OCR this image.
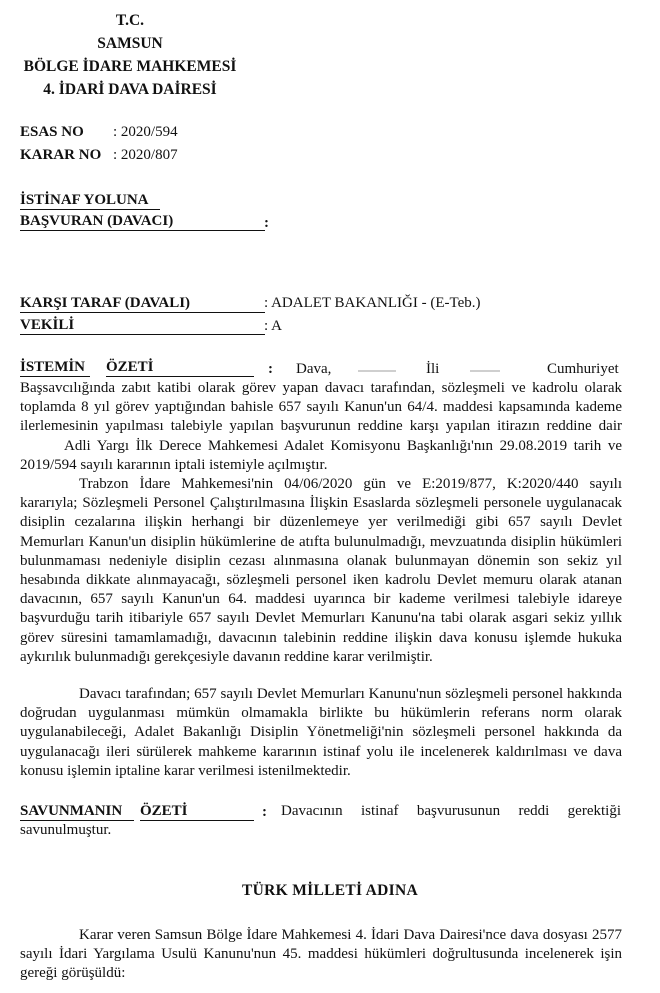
T.C.
SAMSUN
BÖLGE İDARE MAHKEMESİ
4. İDARİ DAVA DAİRESİ
ESAS NO : 2020/594
KARAR NO : 2020/807
İSTİNAF YOLUNA
BAŞVURAN (DAVACI)	:
KARŞI TARAF (DAVALI)	: ADALET BAKANLIĞI - (E-Teb.)
VEKİLİ	: A
İSTEMİN	ÖZETİ	: Dava,	İli	Cumhuriyet
Başsavcılığında zabıt katibi olarak görev yapan davacı tarafından, sözleşmeli ve kadrolu olarak toplamda 8 yıl görev yaptığından bahisle 657 sayılı Kanun'un 64/4. maddesi kapsamında kademe ilerlemesinin yapılması talebiyle yapılan başvurunun reddine karşı yapılan itirazın reddine dairAdli Yargı İlk Derece Mahkemesi Adalet Komisyonu Başkanlığı'nın 29.08.2019 tarih ve 2019/594 sayılı kararının iptali istemiyle açılmıştır.
Trabzon İdare Mahkemesi'nin 04/06/2020 gün ve E:2019/877, K:2020/440 sayılı kararıyla; Sözleşmeli Personel Çalıştırılmasına İlişkin Esaslarda sözleşmeli personele uygulanacak disiplin cezalarına ilişkin herhangi bir düzenlemeye yer verilmediği gibi 657 sayılı Devlet Memurları Kanun'un disiplin hükümlerine de atıfta bulunulmadığı, mevzuatında disiplin hükümleri bulunmaması nedeniyle disiplin cezası alınmasına olanak bulunmayan dönemin son sekiz yıl hesabında dikkate alınmayacağı, sözleşmeli personel iken kadrolu Devlet memuru olarak atanan davacının, 657 sayılı Kanun'un 64. maddesi uyarınca bir kademe verilmesi talebiyle idareye başvurduğu tarih itibariyle 657 sayılı Devlet Memurları Kanunu'na tabi olarak asgari sekiz yıllık görev süresini tamamlamadığı, davacının talebinin reddine ilişkin dava konusu işlemde hukuka aykırılık bulunmadığı gerekçesiyle davanın reddine karar verilmiştir.
Davacı tarafından; 657 sayılı Devlet Memurları Kanunu'nun sözleşmeli personel hakkında doğrudan uygulanması mümkün olmamakla birlikte bu hükümlerin referans norm olarak uygulanabileceği, Adalet Bakanlığı Disiplin Yönetmeliği'nin sözleşmeli personel hakkında da uygulanacağı ileri sürülerek mahkeme kararının istinaf yolu ile incelenerek kaldırılması ve dava konusu işlemin iptaline karar verilmesi istenilmektedir.
SAVUNMANIN	ÖZETİ	: Davacının istinaf başvurusunun reddi gerektiği
savunulmuştur.
TÜRK MİLLETİ ADINA
Karar veren Samsun Bölge İdare Mahkemesi 4. İdari Dava Dairesi'nce dava dosyası 2577 sayılı İdari Yargılama Usulü Kanunu'nun 45. maddesi hükümleri doğrultusunda incelenerek işin gereği görüşüldü:
